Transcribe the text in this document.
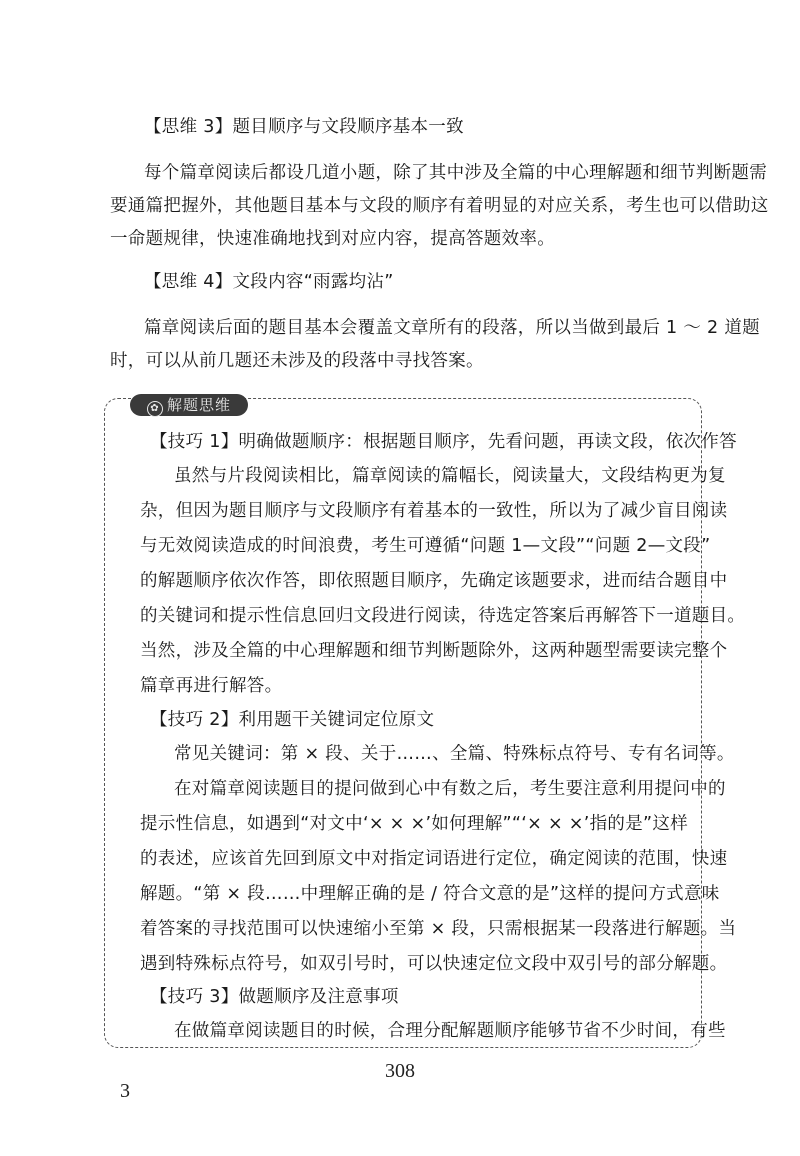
【思维 3】题目顺序与文段顺序基本一致
每个篇章阅读后都设几道小题，除了其中涉及全篇的中心理解题和细节判断题需
要通篇把握外，其他题目基本与文段的顺序有着明显的对应关系，考生也可以借助这
一命题规律，快速准确地找到对应内容，提高答题效率。
【思维 4】文段内容“雨露均沾”
篇章阅读后面的题目基本会覆盖文章所有的段落，所以当做到最后 1 ～ 2 道题
时，可以从前几题还未涉及的段落中寻找答案。
✿ 解题思维
【技巧 1】明确做题顺序：根据题目顺序，先看问题，再读文段，依次作答
虽然与片段阅读相比，篇章阅读的篇幅长，阅读量大，文段结构更为复
杂，但因为题目顺序与文段顺序有着基本的一致性，所以为了减少盲目阅读
与无效阅读造成的时间浪费，考生可遵循“问题 1—文段”“问题 2—文段”
的解题顺序依次作答，即依照题目顺序，先确定该题要求，进而结合题目中
的关键词和提示性信息回归文段进行阅读，待选定答案后再解答下一道题目。
当然，涉及全篇的中心理解题和细节判断题除外，这两种题型需要读完整个
篇章再进行解答。
【技巧 2】利用题干关键词定位原文
常见关键词：第 × 段、关于……、全篇、特殊标点符号、专有名词等。
在对篇章阅读题目的提问做到心中有数之后，考生要注意利用提问中的
提示性信息，如遇到“对文中‘× × ×’如何理解”“‘× × ×’指的是”这样
的表述，应该首先回到原文中对指定词语进行定位，确定阅读的范围，快速
解题。“第 × 段……中理解正确的是 / 符合文意的是”这样的提问方式意味
着答案的寻找范围可以快速缩小至第 × 段，只需根据某一段落进行解题。当
遇到特殊标点符号，如双引号时，可以快速定位文段中双引号的部分解题。
【技巧 3】做题顺序及注意事项
在做篇章阅读题目的时候，合理分配解题顺序能够节省不少时间，有些
308
3
